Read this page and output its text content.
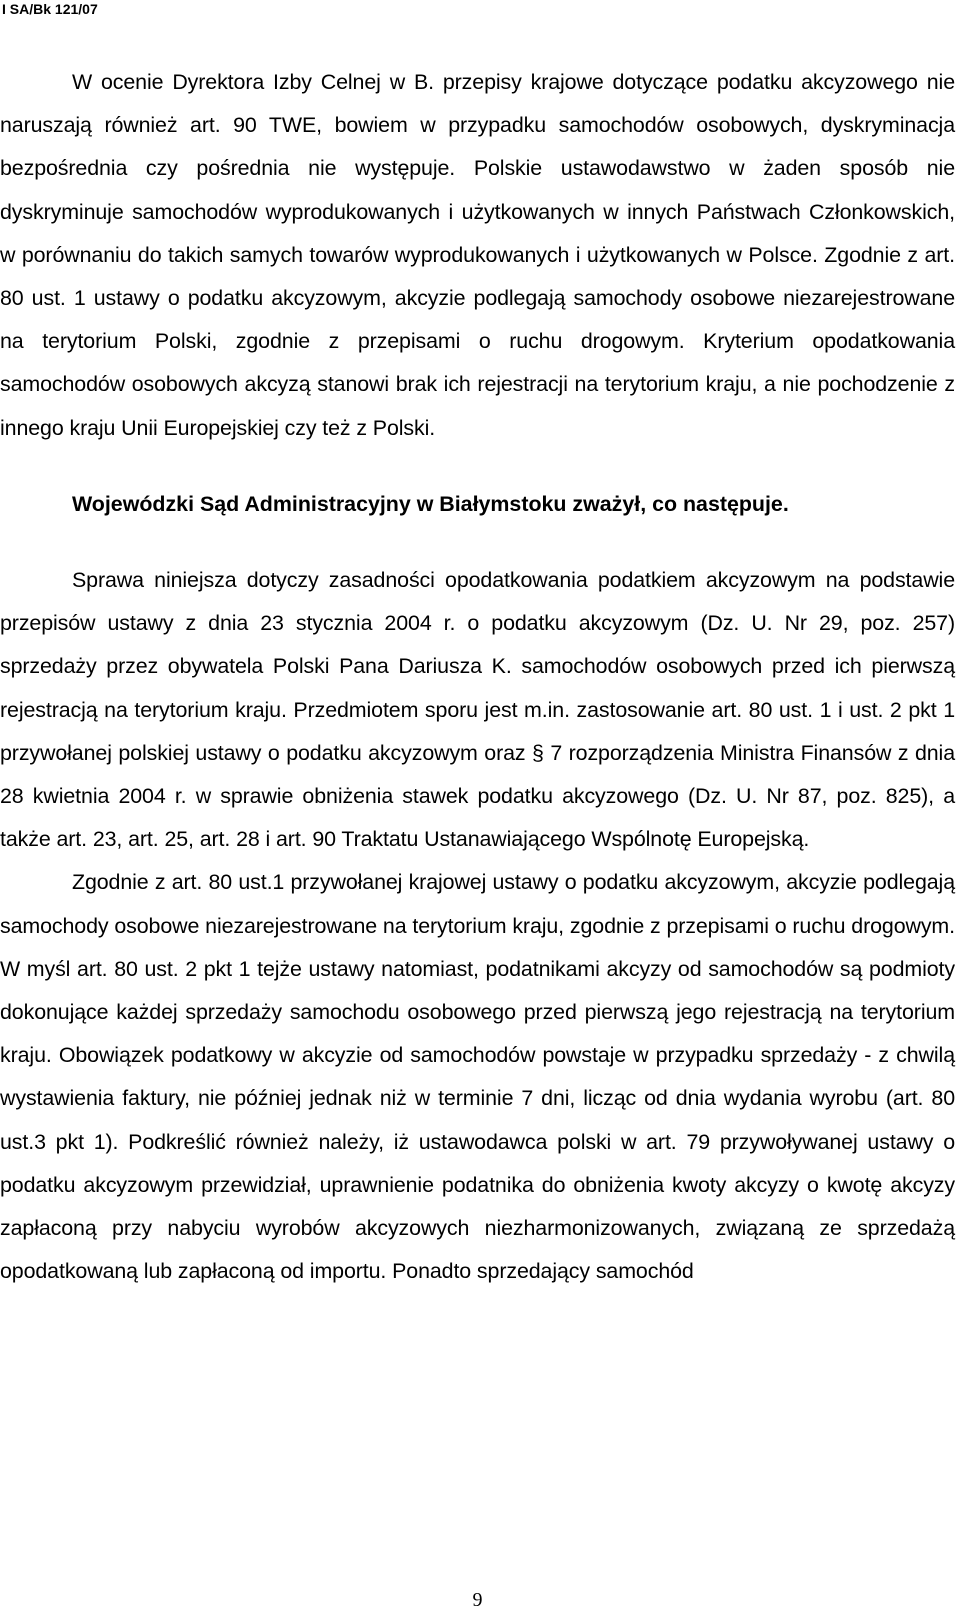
I SA/Bk 121/07

W ocenie Dyrektora Izby Celnej w B. przepisy krajowe dotyczące podatku akcyzowego nie naruszają również art. 90 TWE, bowiem w przypadku samochodów osobowych, dyskryminacja bezpośrednia czy pośrednia nie występuje. Polskie ustawodawstwo w żaden sposób nie dyskryminuje samochodów wyprodukowanych i użytkowanych w innych Państwach Członkowskich, w porównaniu do takich samych towarów wyprodukowanych i użytkowanych w Polsce. Zgodnie z art. 80 ust. 1 ustawy o podatku akcyzowym, akcyzie podlegają samochody osobowe niezarejestrowane na terytorium Polski, zgodnie z przepisami o ruchu drogowym. Kryterium opodatkowania samochodów osobowych akcyzą stanowi brak ich rejestracji na terytorium kraju, a nie pochodzenie z innego kraju Unii Europejskiej czy też z Polski.

Wojewódzki Sąd Administracyjny w Białymstoku zważył, co następuje.

Sprawa niniejsza dotyczy zasadności opodatkowania podatkiem akcyzowym na podstawie przepisów ustawy z dnia 23 stycznia 2004 r. o podatku akcyzowym (Dz. U. Nr 29, poz. 257) sprzedaży przez obywatela Polski Pana Dariusza K. samochodów osobowych przed ich pierwszą rejestracją na terytorium kraju. Przedmiotem sporu jest m.in. zastosowanie art. 80 ust. 1 i ust. 2 pkt 1 przywołanej polskiej ustawy o podatku akcyzowym oraz § 7 rozporządzenia Ministra Finansów z dnia 28 kwietnia 2004 r. w sprawie obniżenia stawek podatku akcyzowego (Dz. U. Nr 87, poz. 825), a także art. 23, art. 25, art. 28 i art. 90 Traktatu Ustanawiającego Wspólnotę Europejską.

Zgodnie z art. 80 ust.1 przywołanej krajowej ustawy o podatku akcyzowym, akcyzie podlegają samochody osobowe niezarejestrowane na terytorium kraju, zgodnie z przepisami o ruchu drogowym. W myśl art. 80 ust. 2 pkt 1 tejże ustawy natomiast, podatnikami akcyzy od samochodów są podmioty dokonujące każdej sprzedaży samochodu osobowego przed pierwszą jego rejestracją na terytorium kraju. Obowiązek podatkowy w akcyzie od samochodów powstaje w przypadku sprzedaży - z chwilą wystawienia faktury, nie później jednak niż w terminie 7 dni, licząc od dnia wydania wyrobu (art. 80 ust.3 pkt 1). Podkreślić również należy, iż ustawodawca polski w art. 79 przywoływanej ustawy o podatku akcyzowym przewidział, uprawnienie podatnika do obniżenia kwoty akcyzy o kwotę akcyzy zapłaconą przy nabyciu wyrobów akcyzowych niezharmonizowanych, związaną ze sprzedażą opodatkowaną lub zapłaconą od importu. Ponadto sprzedający samochód

9
